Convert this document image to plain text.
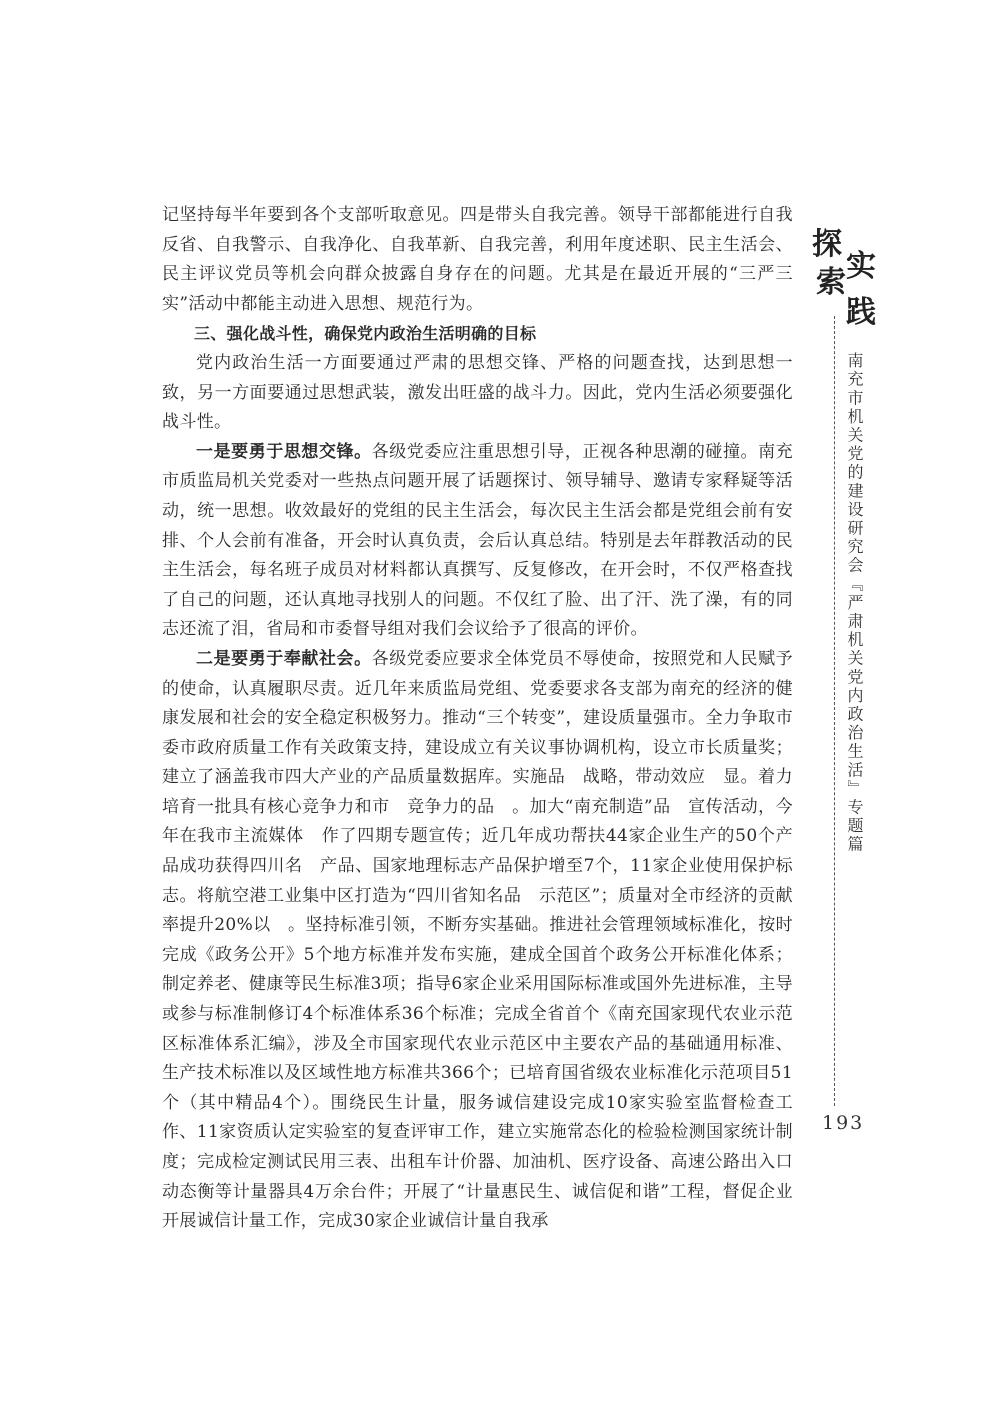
记坚持每半年要到各个支部听取意见。四是带头自我完善。领导干部都能进行自我反省、自我警示、自我净化、自我革新、自我完善，利用年度述职、民主生活会、民主评议党员等机会向群众披露自身存在的问题。尤其是在最近开展的“三严三实”活动中都能主动进入思想、规范行为。

三、强化战斗性，确保党内政治生活明确的目标

党内政治生活一方面要通过严肃的思想交锋、严格的问题查找，达到思想一致，另一方面要通过思想武装，激发出旺盛的战斗力。因此，党内生活必须要强化战斗性。

一是要勇于思想交锋。各级党委应注重思想引导，正视各种思潮的碰撞。南充市质监局机关党委对一些热点问题开展了话题探讨、领导辅导、邀请专家释疑等活动，统一思想。收效最好的党组的民主生活会，每次民主生活会都是党组会前有安排、个人会前有准备，开会时认真负责，会后认真总结。特别是去年群教活动的民主生活会，每名班子成员对材料都认真撰写、反复修改，在开会时，不仅严格查找了自己的问题，还认真地寻找别人的问题。不仅红了脸、出了汗、洗了澡，有的同志还流了泪，省局和市委督导组对我们会议给予了很高的评价。

二是要勇于奉献社会。各级党委应要求全体党员不辱使命，按照党和人民赋予的使命，认真履职尽责。近几年来质监局党组、党委要求各支部为南充的经济的健康发展和社会的安全稳定积极努力。推动“三个转变”，建设质量强市。全力争取市委市政府质量工作有关政策支持，建设成立有关议事协调机构，设立市长质量奖；建立了涵盖我市四大产业的产品质量数据库。实施品　战略，带动效应　显。着力培育一批具有核心竞争力和市　竞争力的品　。加大“南充制造”品　宣传活动，今年在我市主流媒体　作了四期专题宣传；近几年成功帮扶44家企业生产的50个产品成功获得四川名　产品、国家地理标志产品保护增至7个，11家企业使用保护标志。将航空港工业集中区打造为“四川省知名品　示范区”；质量对全市经济的贡献率提升20%以　。坚持标准引领，不断夯实基础。推进社会管理领域标准化，按时完成《政务公开》5个地方标准并发布实施，建成全国首个政务公开标准化体系；制定养老、健康等民生标准3项；指导6家企业采用国际标准或国外先进标准，主导或参与标准制修订4个标准体系36个标准；完成全省首个《南充国家现代农业示范区标准体系汇编》，涉及全市国家现代农业示范区中主要农产品的基础通用标准、生产技术标准以及区域性地方标准共366个；已培育国省级农业标准化示范项目51个（其中精品4个）。围绕民生计量，服务诚信建设完成10家实验室监督检查工作、11家资质认定实验室的复查评审工作，建立实施常态化的检验检测国家统计制度；完成检定测试民用三表、出租车计价器、加油机、医疗设备、高速公路出入口动态衡等计量器具4万余台件；开展了“计量惠民生、诚信促和谐”工程，督促企业开展诚信计量工作，完成30家企业诚信计量自我承

探
索 实
践
南充市机关党的建设研究会『严肃机关党内政治生活』专题篇
193
